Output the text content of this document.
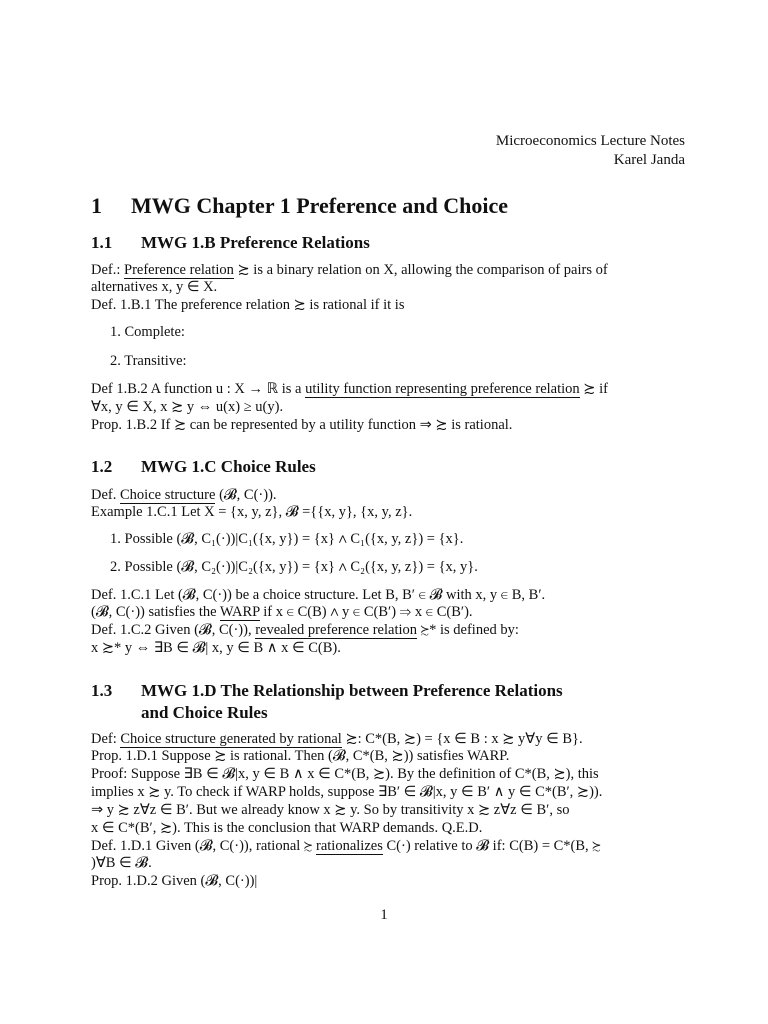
Microeconomics Lecture Notes
Karel Janda
1 MWG Chapter 1 Preference and Choice
1.1 MWG 1.B Preference Relations
Def.: Preference relation ≿ is a binary relation on X, allowing the comparison of pairs of
alternatives x, y ∈ X.
Def. 1.B.1 The preference relation ≿ is rational if it is
1. Complete:
2. Transitive:
Def 1.B.2 A function u : X → ℝ is a utility function representing preference relation ≿ if
∀x, y ∈ X, x ≿ y ⇔ u(x) ≥ u(y).
Prop. 1.B.2 If ≿ can be represented by a utility function ⇒ ≿ is rational.
1.2 MWG 1.C Choice Rules
Def. Choice structure (𝓑, C(·)).
Example 1.C.1 Let X = {x, y, z}, 𝓑 ={{x, y}, {x, y, z}.
1. Possible (𝓑, C₁(·))|C₁({x, y}) = {x} ∧ C₁({x, y, z}) = {x}.
2. Possible (𝓑, C₂(·))|C₂({x, y}) = {x} ∧ C₂({x, y, z}) = {x, y}.
Def. 1.C.1 Let (𝓑, C(·)) be a choice structure. Let B, B′ ∈ 𝓑 with x, y ∈ B, B′.
(𝓑, C(·)) satisfies the WARP if x ∈ C(B) ∧ y ∈ C(B′) ⇒ x ∈ C(B′).
Def. 1.C.2 Given (𝓑, C(·)), revealed preference relation ≿* is defined by:
x ≿* y ⇔ ∃B ∈ 𝓑| x, y ∈ B ∧ x ∈ C(B).
1.3 MWG 1.D The Relationship between Preference Relations
and Choice Rules
Def: Choice structure generated by rational ≿: C*(B, ≿) = {x ∈ B : x ≿ y∀y ∈ B}.
Prop. 1.D.1 Suppose ≿ is rational. Then (𝓑, C*(B, ≿)) satisfies WARP.
Proof: Suppose ∃B ∈ 𝓑|x, y ∈ B ∧ x ∈ C*(B, ≿). By the definition of C*(B, ≿), this
implies x ≿ y. To check if WARP holds, suppose ∃B′ ∈ 𝓑|x, y ∈ B′ ∧ y ∈ C*(B′, ≿)).
⇒ y ≿ z∀z ∈ B′. But we already know x ≿ y. So by transitivity x ≿ z∀z ∈ B′, so
x ∈ C*(B′, ≿). This is the conclusion that WARP demands. Q.E.D.
Def. 1.D.1 Given (𝓑, C(·)), rational ≿ rationalizes C(·) relative to 𝓑 if: C(B) = C*(B, ≿
)∀B ∈ 𝓑.
Prop. 1.D.2 Given (𝓑, C(·))|
1
